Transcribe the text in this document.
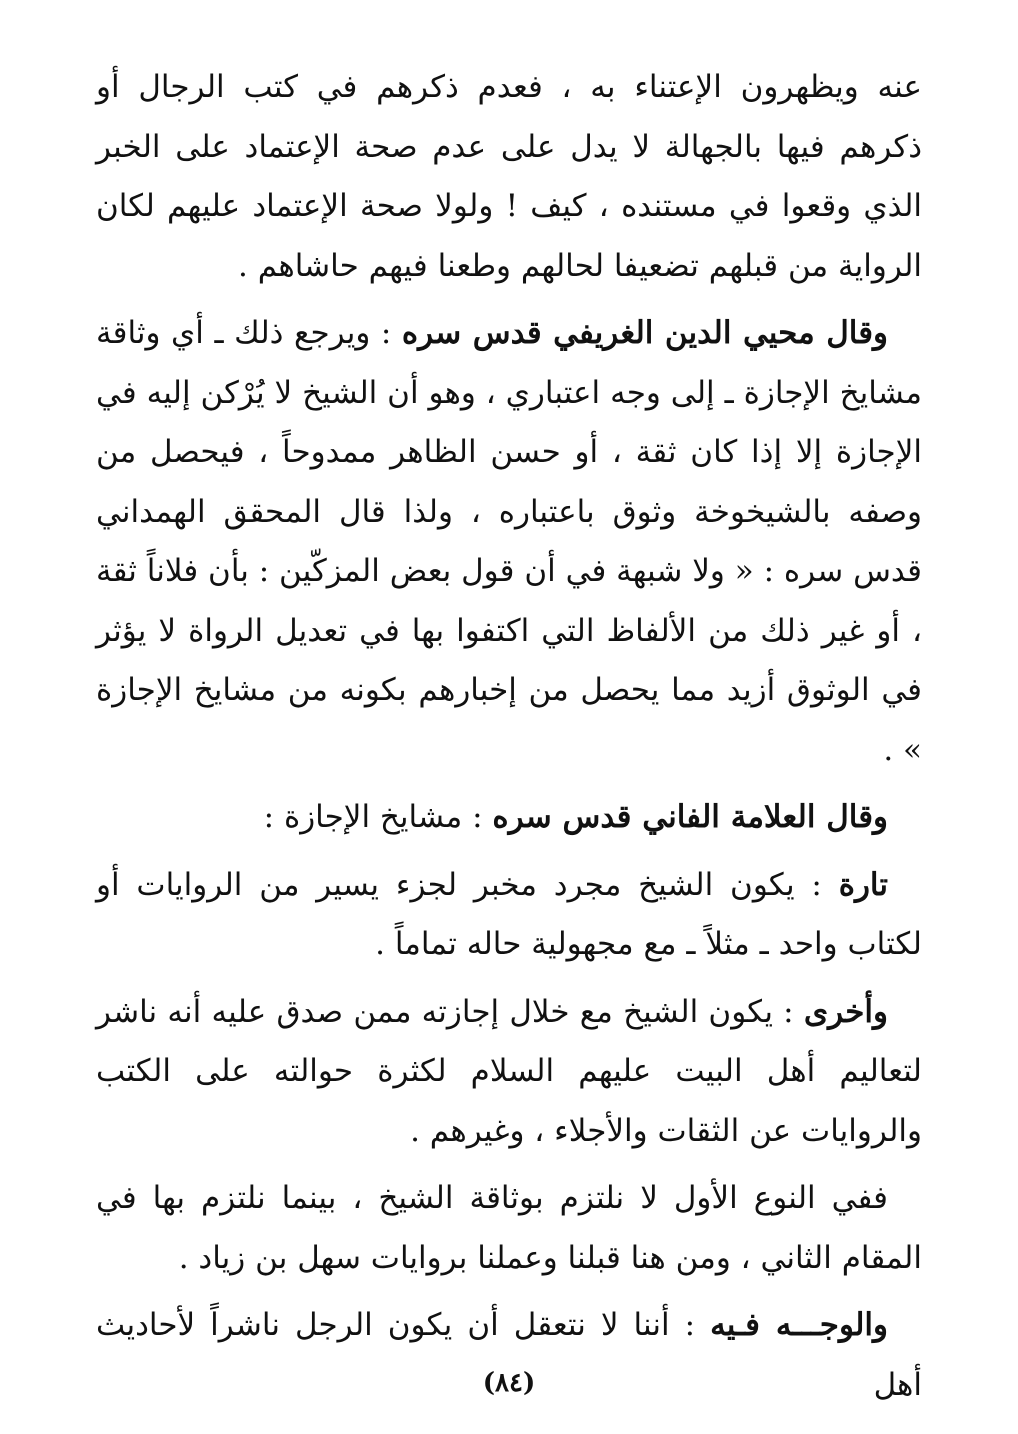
عنه ويظهرون الإعتناء به ، فعدم ذكرهم في كتب الرجال أو ذكرهم فيها بالجهالة لا يدل على عدم صحة الإعتماد على الخبر الذي وقعوا في مستنده ، كيف ! ولولا صحة الإعتماد عليهم لكان الرواية من قبلهم تضعيفا لحالهم وطعنا فيهم حاشاهم .

وقال محيي الدين الغريفي قدس سره : ويرجع ذلك ـ أي وثاقة مشايخ الإجازة ـ إلى وجه اعتباري ، وهو أن الشيخ لا يُرْكن إليه في الإجازة إلا إذا كان ثقة ، أو حسن الظاهر ممدوحاً ، فيحصل من وصفه بالشيخوخة وثوق باعتباره ، ولذا قال المحقق الهمداني قدس سره : « ولا شبهة في أن قول بعض المزكّين : بأن فلاناً ثقة ، أو غير ذلك من الألفاظ التي اكتفوا بها في تعديل الرواة لا يؤثر في الوثوق أزيد مما يحصل من إخبارهم بكونه من مشايخ الإجازة » .

وقال العلامة الفاني قدس سره : مشايخ الإجازة :

تارة : يكون الشيخ مجرد مخبر لجزء يسير من الروايات أو لكتاب واحد ـ مثلاً ـ مع مجهولية حاله تماماً .

وأخرى : يكون الشيخ مع خلال إجازته ممن صدق عليه أنه ناشر لتعاليم أهل البيت عليهم السلام لكثرة حوالته على الكتب والروايات عن الثقات والأجلاء ، وغيرهم .

ففي النوع الأول لا نلتزم بوثاقة الشيخ ، بينما نلتزم بها في المقام الثاني ، ومن هنا قبلنا وعملنا بروايات سهل بن زياد .

والوجـــه فـيه : أننا لا نتعقل أن يكون الرجل ناشراً لأحاديث أهل

(٨٤)
